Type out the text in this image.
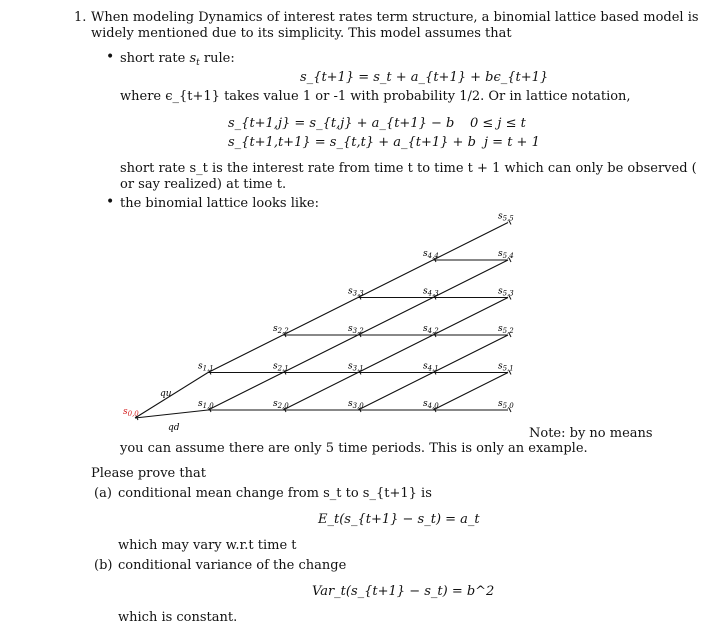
1. When modeling Dynamics of interest rates term structure, a binomial lattice based model is
widely mentioned due to its simplicity. This model assumes that
• short rate $s_t$ rule:
s_{t+1} = s_t + a_{t+1} + bϵ_{t+1}
where ϵ_{t+1} takes value 1 or -1 with probability 1/2. Or in lattice notation,
s_{t+1,j} = s_{t,j} + a_{t+1} − b 0 ≤ j ≤ t
s_{t+1,t+1} = s_{t,t} + a_{t+1} + b j = t + 1
short rate s_t is the interest rate from time t to time t + 1 which can only be observed (
or say realized) at time t.
• the binomial lattice looks like:
$s_{0,0}$
$s_{1,0}$
$s_{1,1}$
$s_{2,0}$
$s_{2,1}$
$s_{2,2}$
$s_{3,0}$
$s_{3,1}$
$s_{3,2}$
$s_{3,3}$
$s_{4,0}$
$s_{4,1}$
$s_{4,2}$
$s_{4,3}$
$s_{4,4}$
$s_{5,0}$
$s_{5,1}$
$s_{5,2}$
$s_{5,3}$
$s_{5,4}$
$s_{5,5}$
qu
qd	Note: by no means
you can assume there are only 5 time periods. This is only an example.
Please prove that
(a) conditional mean change from s_t to s_{t+1} is
E_t(s_{t+1} − s_t) = a_t
which may vary w.r.t time t
(b) conditional variance of the change
Var_t(s_{t+1} − s_t) = b^2
which is constant.
